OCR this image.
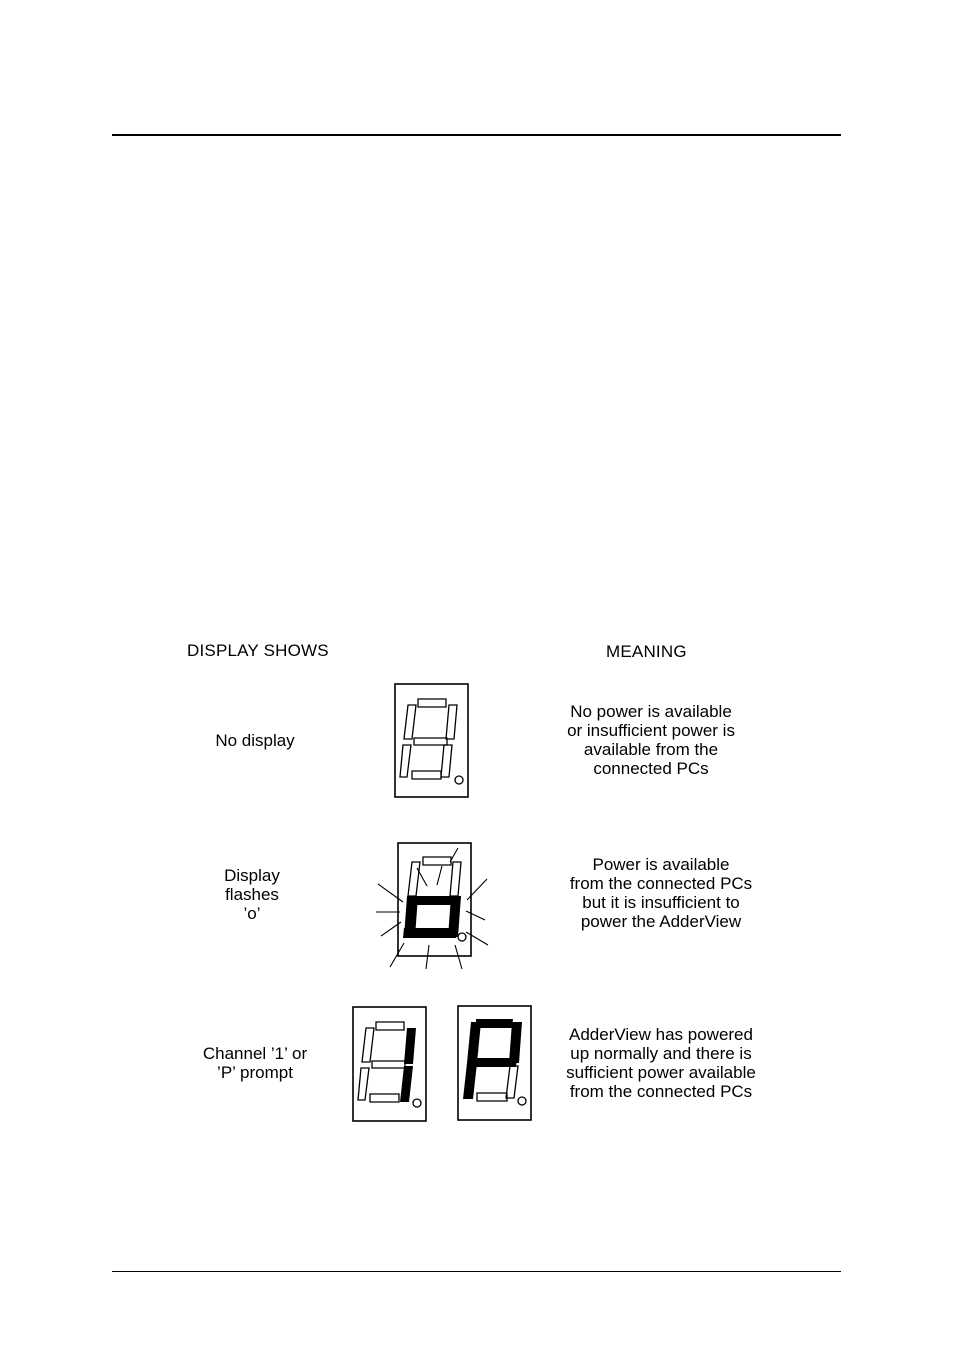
DISPLAY SHOWS	MEANING
No display
No power is available
or insufficient power is
available from the
connected PCs
Display
flashes
’o’
Power is available
from the connected PCs
but it is insufficient to
power the AdderView
Channel ’1’ or
’P’ prompt
AdderView has powered
up normally and there is
sufficient power available
from the connected PCs
